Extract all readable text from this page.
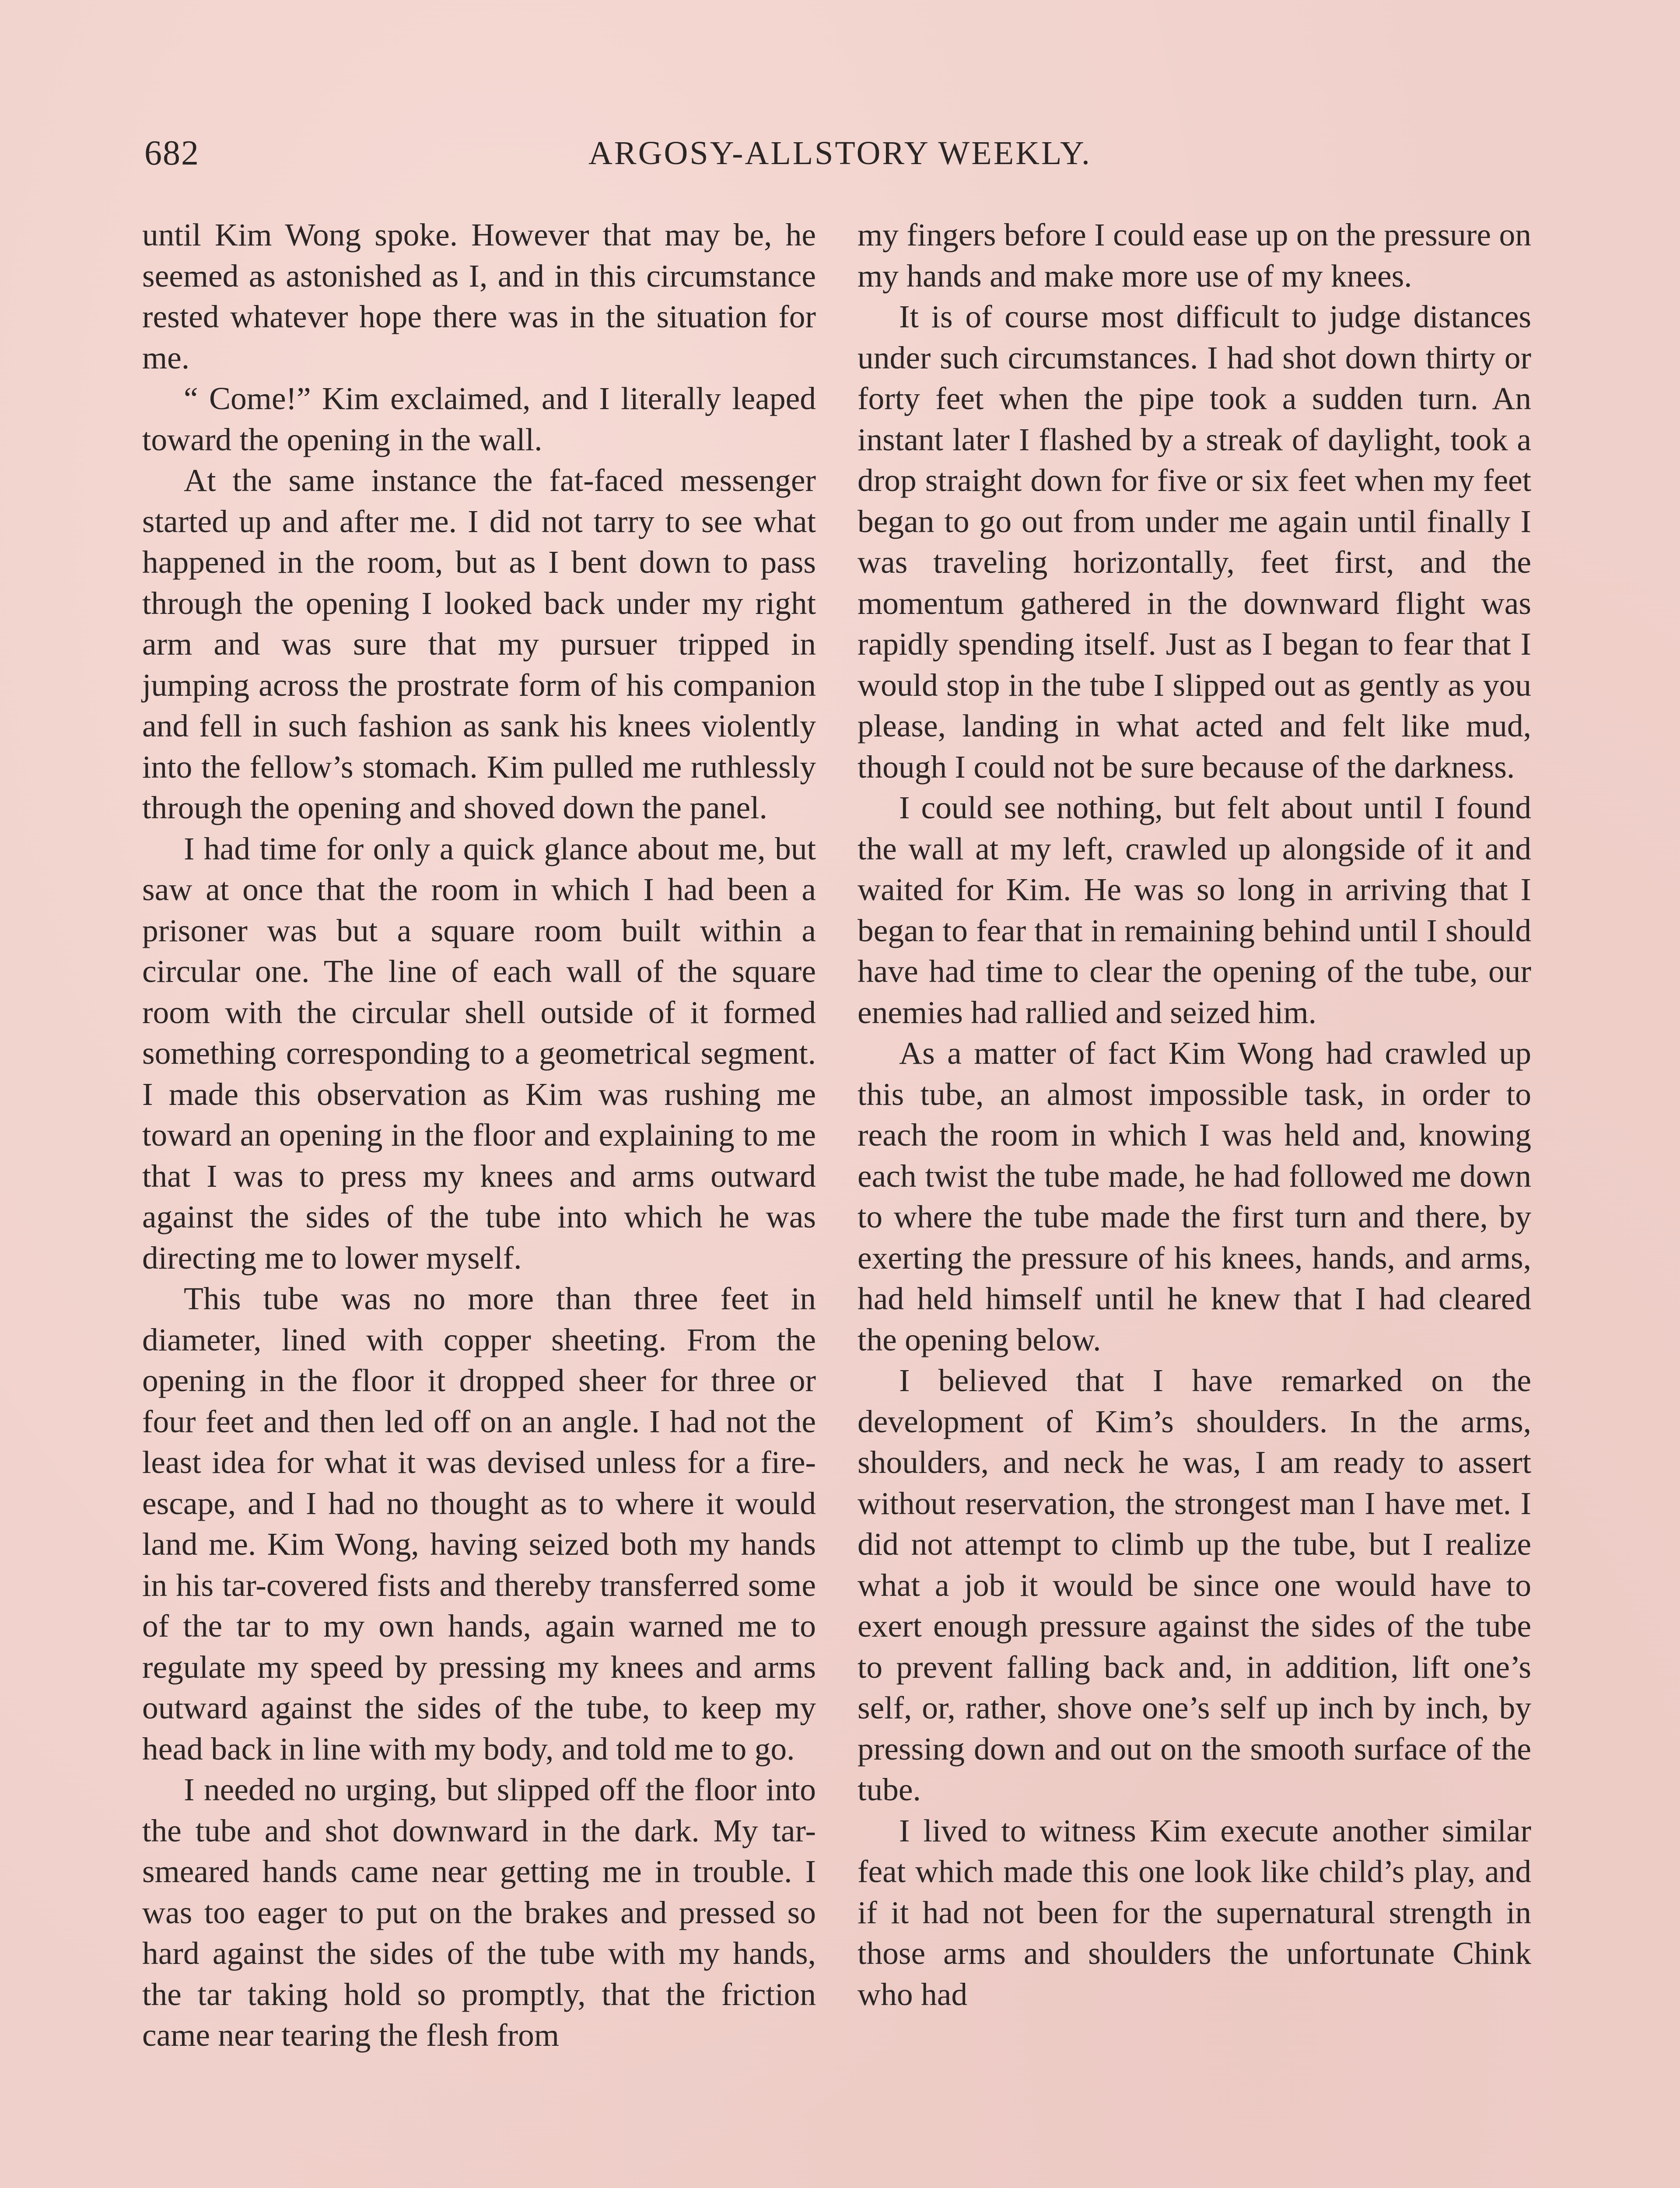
682	ARGOSY-ALLSTORY WEEKLY.

until Kim Wong spoke. However that may be, he seemed as astonished as I, and in this circumstance rested whatever hope there was in the situation for me.

“ Come!” Kim exclaimed, and I literally leaped toward the opening in the wall.

At the same instance the fat-faced messenger started up and after me. I did not tarry to see what happened in the room, but as I bent down to pass through the opening I looked back under my right arm and was sure that my pursuer tripped in jumping across the prostrate form of his companion and fell in such fashion as sank his knees violently into the fellow’s stomach. Kim pulled me ruthlessly through the opening and shoved down the panel.

I had time for only a quick glance about me, but saw at once that the room in which I had been a prisoner was but a square room built within a circular one. The line of each wall of the square room with the circular shell outside of it formed something corresponding to a geometrical segment. I made this observation as Kim was rushing me toward an opening in the floor and explaining to me that I was to press my knees and arms outward against the sides of the tube into which he was directing me to lower myself.

This tube was no more than three feet in diameter, lined with copper sheeting. From the opening in the floor it dropped sheer for three or four feet and then led off on an angle. I had not the least idea for what it was devised unless for a fire-escape, and I had no thought as to where it would land me. Kim Wong, having seized both my hands in his tar-covered fists and thereby transferred some of the tar to my own hands, again warned me to regulate my speed by pressing my knees and arms outward against the sides of the tube, to keep my head back in line with my body, and told me to go.

I needed no urging, but slipped off the floor into the tube and shot downward in the dark. My tar-smeared hands came near getting me in trouble. I was too eager to put on the brakes and pressed so hard against the sides of the tube with my hands, the tar taking hold so promptly, that the friction came near tearing the flesh from

my fingers before I could ease up on the pressure on my hands and make more use of my knees.

It is of course most difficult to judge distances under such circumstances. I had shot down thirty or forty feet when the pipe took a sudden turn. An instant later I flashed by a streak of daylight, took a drop straight down for five or six feet when my feet began to go out from under me again until finally I was traveling horizontally, feet first, and the momentum gathered in the downward flight was rapidly spending itself. Just as I began to fear that I would stop in the tube I slipped out as gently as you please, landing in what acted and felt like mud, though I could not be sure because of the darkness.

I could see nothing, but felt about until I found the wall at my left, crawled up alongside of it and waited for Kim. He was so long in arriving that I began to fear that in remaining behind until I should have had time to clear the opening of the tube, our enemies had rallied and seized him.

As a matter of fact Kim Wong had crawled up this tube, an almost impossible task, in order to reach the room in which I was held and, knowing each twist the tube made, he had followed me down to where the tube made the first turn and there, by exerting the pressure of his knees, hands, and arms, had held himself until he knew that I had cleared the opening below.

I believed that I have remarked on the development of Kim’s shoulders. In the arms, shoulders, and neck he was, I am ready to assert without reservation, the strongest man I have met. I did not attempt to climb up the tube, but I realize what a job it would be since one would have to exert enough pressure against the sides of the tube to prevent falling back and, in addition, lift one’s self, or, rather, shove one’s self up inch by inch, by pressing down and out on the smooth surface of the tube.

I lived to witness Kim execute another similar feat which made this one look like child’s play, and if it had not been for the supernatural strength in those arms and shoulders the unfortunate Chink who had
